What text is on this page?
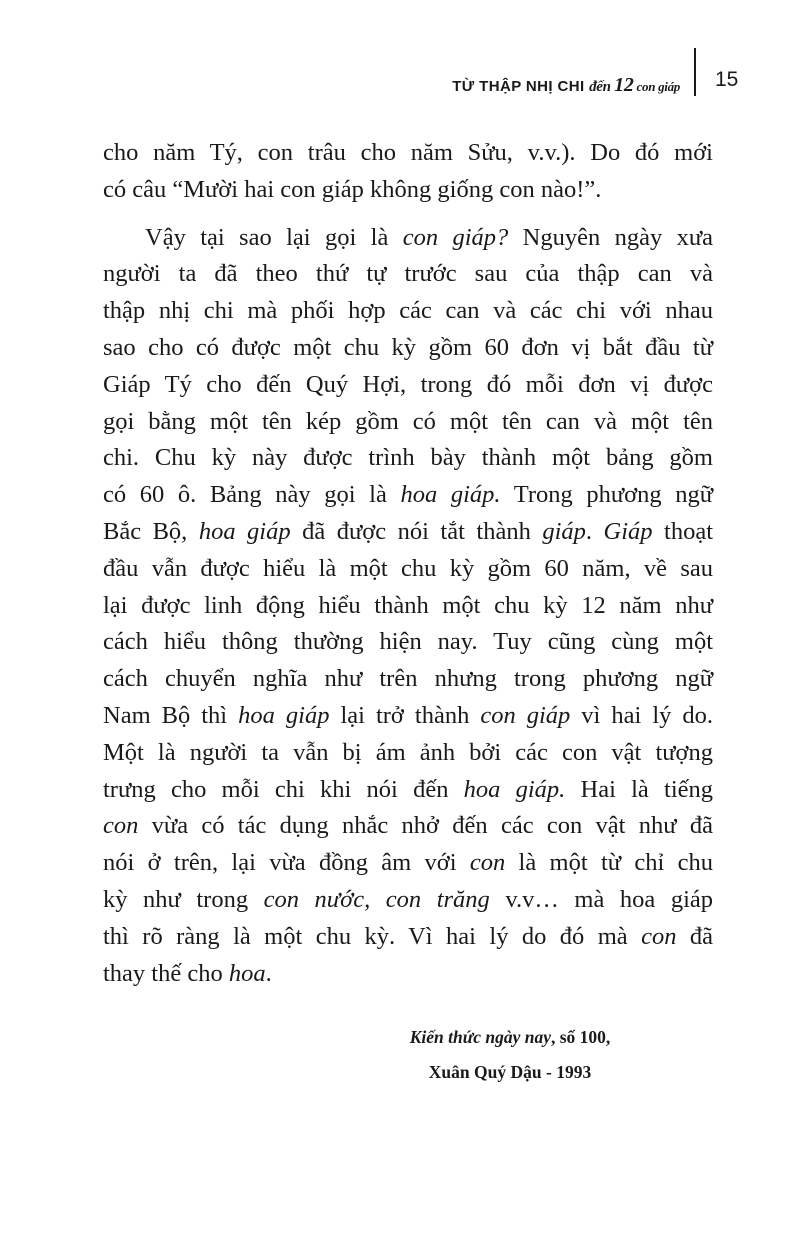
TỪ THẬP NHỊ CHI đến 12 con giáp 15
cho năm Tý, con trâu cho năm Sửu, v.v.). Do đó mới
có câu “Mười hai con giáp không giống con nào!”.
Vậy tại sao lại gọi là con giáp? Nguyên ngày xưa
người ta đã theo thứ tự trước sau của thập can và
thập nhị chi mà phối hợp các can và các chi với nhau
sao cho có được một chu kỳ gồm 60 đơn vị bắt đầu từ
Giáp Tý cho đến Quý Hợi, trong đó mỗi đơn vị được
gọi bằng một tên kép gồm có một tên can và một tên
chi. Chu kỳ này được trình bày thành một bảng gồm
có 60 ô. Bảng này gọi là hoa giáp. Trong phương ngữ
Bắc Bộ, hoa giáp đã được nói tắt thành giáp. Giáp thoạt
đầu vẫn được hiểu là một chu kỳ gồm 60 năm, về sau
lại được linh động hiểu thành một chu kỳ 12 năm như
cách hiểu thông thường hiện nay. Tuy cũng cùng một
cách chuyển nghĩa như trên nhưng trong phương ngữ
Nam Bộ thì hoa giáp lại trở thành con giáp vì hai lý do.
Một là người ta vẫn bị ám ảnh bởi các con vật tượng
trưng cho mỗi chi khi nói đến hoa giáp. Hai là tiếng
con vừa có tác dụng nhắc nhở đến các con vật như đã
nói ở trên, lại vừa đồng âm với con là một từ chỉ chu
kỳ như trong con nước, con trăng v.v… mà hoa giáp
thì rõ ràng là một chu kỳ. Vì hai lý do đó mà con đã
thay thế cho hoa.
Kiến thức ngày nay, số 100,
Xuân Quý Dậu - 1993
